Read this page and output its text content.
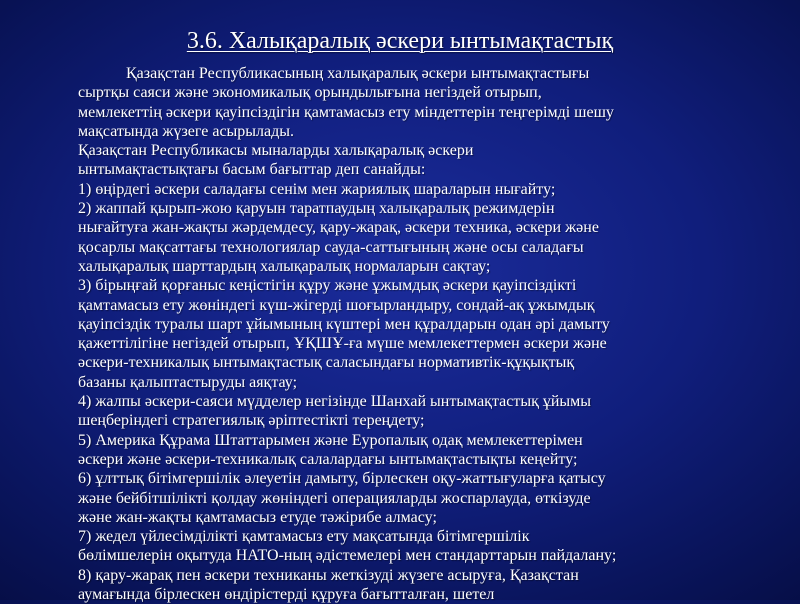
3.6. Халықаралық әскери ынтымақтастық
Қазақстан Республикасының халықаралық әскери ынтымақтастығы
сыртқы саяси және экономикалық орындылығына негіздей отырып,
мемлекеттің әскери қауіпсіздігін қамтамасыз ету міндеттерін теңгерімді шешу
мақсатында жүзеге асырылады.
Қазақстан Республикасы мыналарды халықаралық әскери
ынтымақтастықтағы басым бағыттар деп санайды:
1) өңірдегі әскери саладағы сенім мен жариялық шараларын нығайту;
2) жаппай қырып-жою қаруын таратпаудың халықаралық режимдерін
нығайтуға жан-жақты жәрдемдесу, қару-жарақ, әскери техника, әскери және
қосарлы мақсаттағы технологиялар сауда-саттығының және осы саладағы
халықаралық шарттардың халықаралық нормаларын сақтау;
3) бірыңғай қорғаныс кеңістігін құру және ұжымдық әскери қауіпсіздікті
қамтамасыз ету жөніндегі күш-жігерді шоғырландыру, сондай-ақ ұжымдық
қауіпсіздік туралы шарт ұйымының күштері мен құралдарын одан әрі дамыту
қажеттілігіне негіздей отырып, ҰҚШҰ-ға мүше мемлекеттермен әскери және
әскери-техникалық ынтымақтастық саласындағы нормативтік-құқықтық
базаны қалыптастыруды аяқтау;
4) жалпы әскери-саяси мүдделер негізінде Шанхай ынтымақтастық ұйымы
шеңберіндегі стратегиялық әріптестікті тереңдету;
5) Америка Құрама Штаттарымен және Еуропалық одақ мемлекеттерімен
әскери және әскери-техникалық салалардағы ынтымақтастықты кеңейту;
6) ұлттық бітімгершілік әлеуетін дамыту, бірлескен оқу-жаттығуларға қатысу
және бейбітшілікті қолдау жөніндегі операцияларды жоспарлауда, өткізуде
және жан-жақты қамтамасыз етуде тәжірибе алмасу;
7) жедел үйлесімділікті қамтамасыз ету мақсатында бітімгершілік
бөлімшелерін оқытуда НАТО-ның әдістемелері мен стандарттарын пайдалану;
8) қару-жарақ пен әскери техниканы жеткізуді жүзеге асыруға, Қазақстан
аумағында бірлескен өндірістерді құруға бағытталған, шетел
